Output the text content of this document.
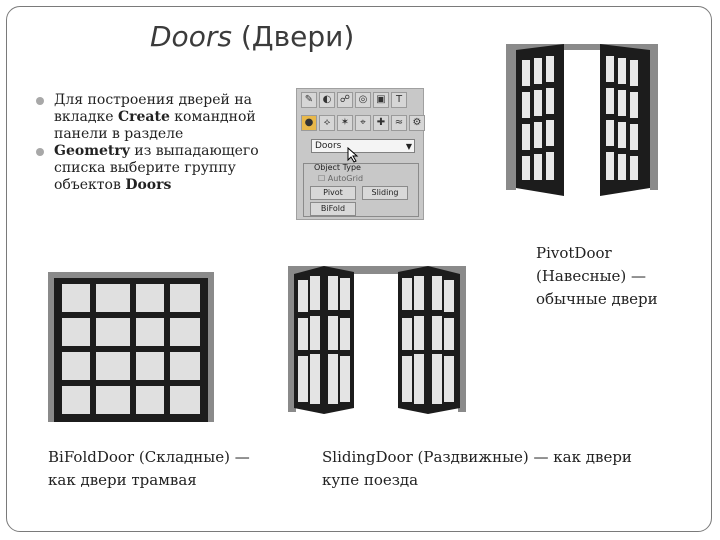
Doors (Двери)
Для построения дверей на вкладке Create командной панели в разделе
Geometry из выпадающего списка выберите группу объектов Doors
✎ ◐ ☍ ◎ ▣	T
●	⟡	✶	⌖	✚ ≈ ⚙
Doors	▼
Object Type
☐ AutoGrid
Pivot	Sliding
BiFold
PivotDoor
(Навесные) —
обычные двери
BiFoldDoor (Складные) —
как двери трамвая
SlidingDoor (Раздвижные) — как двери
купе поезда
